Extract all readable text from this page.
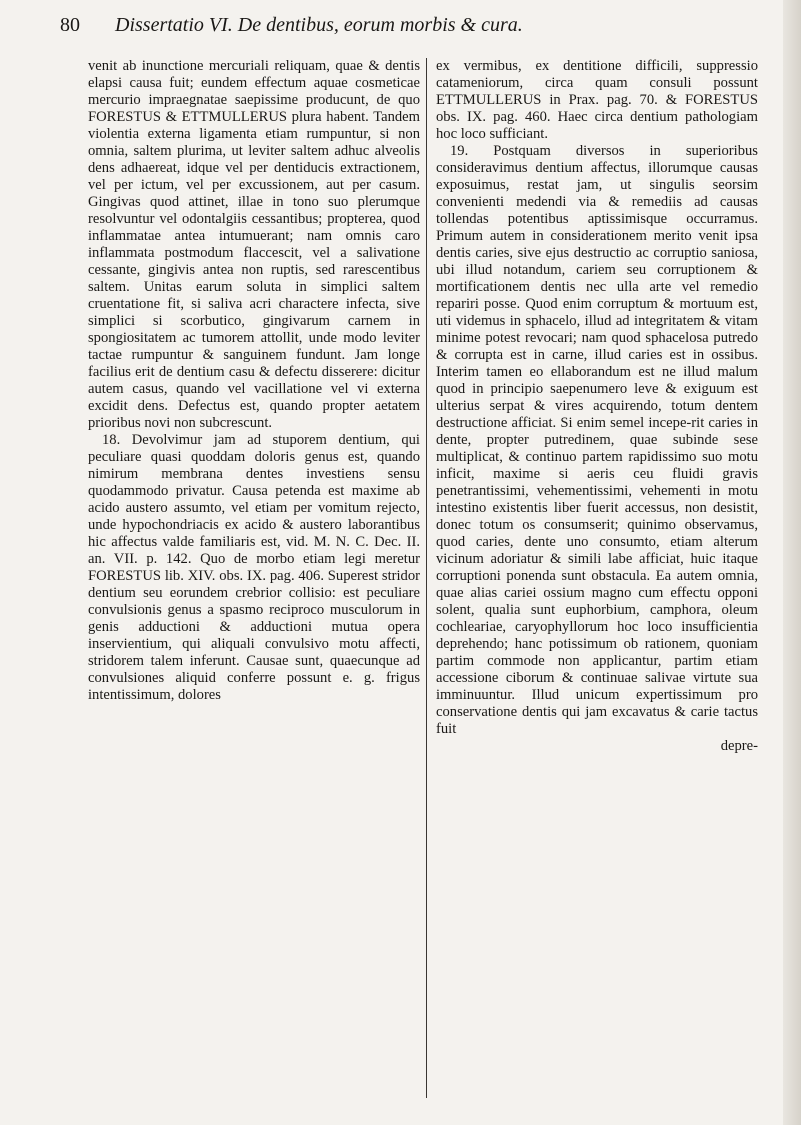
80 Dissertatio VI. De dentibus, eorum morbis & cura.

venit ab inunctione mercuriali reliquam, quae & dentis elapsi causa fuit; eundem effectum aquae cosmeticae mercurio impraegnatae saepissime producunt, de quo FORESTUS & ETTMULLERUS plura habent. Tandem violentia externa ligamenta etiam rumpuntur, si non omnia, saltem plurima, ut leviter saltem adhuc alveolis dens adhaereat, idque vel per dentiducis extractionem, vel per ictum, vel per excussionem, aut per casum. Gingivas quod attinet, illae in tono suo plerumque resolvuntur vel odontalgiis cessantibus; propterea, quod inflammatae antea intumuerant; nam omnis caro inflammata postmodum flaccescit, vel a salivatione cessante, gingivis antea non ruptis, sed rarescentibus saltem. Unitas earum soluta in simplici saltem cruentatione fit, si saliva acri charactere infecta, sive simplici si scorbutico, gingivarum carnem in spongiositatem ac tumorem attollit, unde modo leviter tactae rumpuntur & sanguinem fundunt. Jam longe facilius erit de dentium casu & defectu disserere: dicitur autem casus, quando vel vacillatione vel vi externa excidit dens. Defectus est, quando propter aetatem prioribus novi non subcrescunt.

18. Devolvimur jam ad stuporem dentium, qui peculiare quasi quoddam doloris genus est, quando nimirum membrana dentes investiens sensu quodammodo privatur. Causa petenda est maxime ab acido austero assumto, vel etiam per vomitum rejecto, unde hypochondriacis ex acido & austero laborantibus hic affectus valde familiaris est, vid. M. N. C. Dec. II. an. VII. p. 142. Quo de morbo etiam legi meretur FORESTUS lib. XIV. obs. IX. pag. 406. Superest stridor dentium seu eorundem crebrior collisio: est peculiare convulsionis genus a spasmo reciproco musculorum in genis adductioni & adductioni mutua opera inservientium, qui aliquali convulsivo motu affecti, stridorem talem inferunt. Causae sunt, quaecunque ad convulsiones aliquid conferre possunt e. g. frigus intentissimum, dolores

ex vermibus, ex dentitione difficili, suppressio catameniorum, circa quam consuli possunt ETTMULLERUS in Prax. pag. 70. & FORESTUS obs. IX. pag. 460. Haec circa dentium pathologiam hoc loco sufficiant.

19. Postquam diversos in superioribus consideravimus dentium affectus, illorumque causas exposuimus, restat jam, ut singulis seorsim convenienti medendi via & remediis ad causas tollendas potentibus aptissimisque occurramus. Primum autem in considerationem merito venit ipsa dentis caries, sive ejus destructio ac corruptio saniosa, ubi illud notandum, cariem seu corruptionem & mortificationem dentis nec ulla arte vel remedio repariri posse. Quod enim corruptum & mortuum est, uti videmus in sphacelo, illud ad integritatem & vitam minime potest revocari; nam quod sphacelosa putredo & corrupta est in carne, illud caries est in ossibus. Interim tamen eo ellaborandum est ne illud malum quod in principio saepenumero leve & exiguum est ulterius serpat & vires acquirendo, totum dentem destructione afficiat. Si enim semel incepe-rit caries in dente, propter putredinem, quae subinde sese multiplicat, & continuo partem rapidissimo suo motu inficit, maxime si aeris ceu fluidi gravis penetrantissimi, vehementissimi, vehementi in motu intestino existentis liber fuerit accessus, non desistit, donec totum os consumserit; quinimo observamus, quod caries, dente uno consumto, etiam alterum vicinum adoriatur & simili labe afficiat, huic itaque corruptioni ponenda sunt obstacula. Ea autem omnia, quae alias cariei ossium magno cum effectu opponi solent, qualia sunt euphorbium, camphora, oleum cochleariae, caryophyllorum hoc loco insufficientia deprehendo; hanc potissimum ob rationem, quoniam partim commode non applicantur, partim etiam accessione ciborum & continuae salivae virtute sua imminuuntur. Illud unicum expertissimum pro conservatione dentis qui jam excavatus & carie tactus fuit

depre-
